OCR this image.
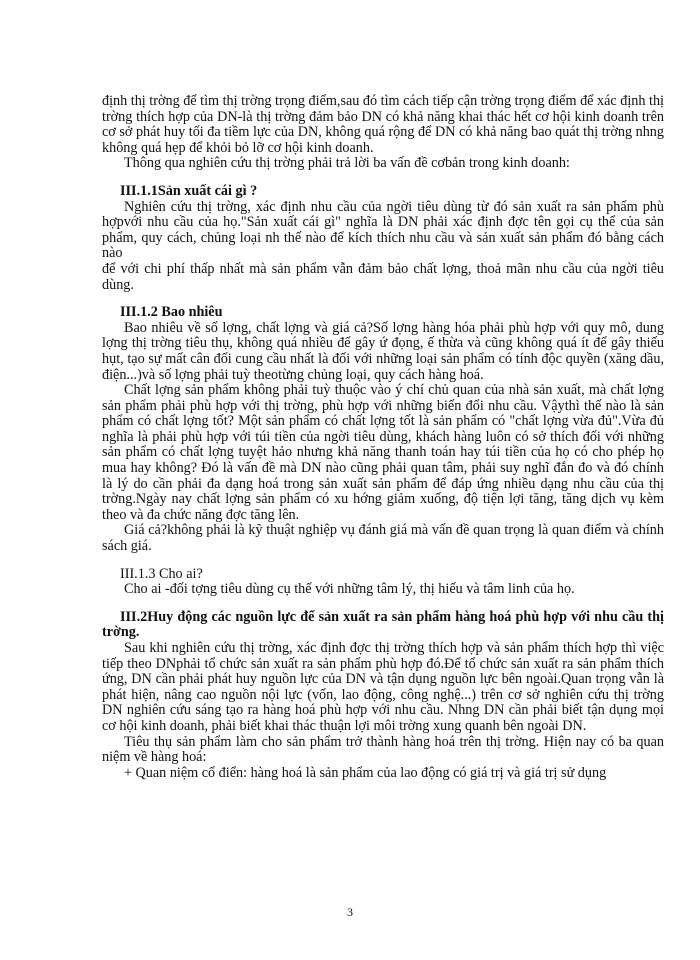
định thị trờng để tìm thị trờng trọng điểm,sau đó tìm cách tiếp cận trờng trọng điểm để xác định thị trờng thích hợp của DN-là thị trờng đảm bảo DN có khả năng khai thác hết cơ hội kinh doanh trên cơ sở phát huy tối đa tiềm lực của DN, không quá rộng để DN có khả năng bao quát thị trờng nhng không quá hẹp để khỏi bỏ lỡ cơ hội kinh doanh.

Thông qua nghiên cứu thị trờng phải trả lời ba vấn đề cơbản trong kinh doanh:

III.1.1Sản xuất cái gì ?

Nghiên cứu thị trờng, xác định nhu cầu của ngời tiêu dùng từ đó sản xuất ra sản phẩm phù hợpvới nhu cầu của họ."Sản xuất cái gì" nghĩa là DN phải xác định đợc tên gọi cụ thể của sản phẩm, quy cách, chủng loại nh thế nào để kích thích nhu cầu và sản xuất sản phẩm đó bằng cách nào

để với chi phí thấp nhất mà sản phẩm vẫn đảm bảo chất lợng, thoả mãn nhu cầu của ngời tiêu dùng.

III.1.2 Bao nhiêu

Bao nhiêu về số lợng, chất lợng và giá cả?Số lợng hàng hóa phải phù hợp với quy mô, dung lợng thị trờng tiêu thụ, không quá nhiều để gây ứ đọng, ế thừa và cũng không quá ít để gây thiếu hụt, tạo sự mất cân đối cung cầu nhất là đối với những loại sản phẩm có tính độc quyền (xăng dầu, điện...)và số lợng phải tuỳ theotừng chủng loại, quy cách hàng hoá.

Chất lợng sản phẩm không phải tuỳ thuộc vào ý chí chủ quan của nhà sản xuất, mà chất lợng sản phẩm phải phù hợp với thị trờng, phù hợp với những biến đổi nhu cầu. Vậythì thế nào là sản phẩm có chất lợng tốt? Một sản phẩm có chất lợng tốt là sản phẩm có "chất lợng vừa đủ".Vừa đủ nghĩa là phải phù hợp với túi tiền của ngời tiêu dùng, khách hàng luôn có sở thích đối với những sản phẩm có chất lợng tuyệt hảo nhưng khả năng thanh toán hay túi tiền của họ có cho phép họ mua hay không? Đó là vấn đề mà DN nào cũng phải quan tâm, phải suy nghĩ đắn đo và đó chính là lý do cần phải đa dạng hoá trong sản xuất sản phẩm để đáp ứng nhiều dạng nhu cầu của thị trờng.Ngày nay chất lợng sản phẩm có xu hớng giảm xuống, độ tiện lợi tăng, tăng dịch vụ kèm theo và đa chức năng đợc tăng lên.

Giá cả?không phải là kỹ thuật nghiệp vụ đánh giá mà vấn đề quan trọng là quan điểm và chính sách giá.

III.1.3 Cho ai?

Cho ai -đối tợng tiêu dùng cụ thể với những tâm lý, thị hiếu và tâm linh của họ.

III.2Huy động các nguồn lực để sản xuất ra sản phẩm hàng hoá phù hợp với nhu cầu thị trờng.

Sau khi nghiên cứu thị trờng, xác định đợc thị trờng thích hợp và sản phẩm thích hợp thì việc tiếp theo DNphải tổ chức sản xuất ra sản phẩm phù hợp đó.Để tổ chức sản xuất ra sản phẩm thích ứng, DN cần phải phát huy nguồn lực của DN và tận dụng nguồn lực bên ngoài.Quan trọng vẫn là phát hiện, nâng cao nguồn nội lực (vốn, lao động, công nghệ...) trên cơ sở nghiên cứu thị trờng DN nghiên cứu sáng tạo ra hàng hoá phù hợp với nhu cầu. Nhng DN cần phải biết tận dụng mọi cơ hội kinh doanh, phải biết khai thác thuận lợi môi trờng xung quanh bên ngoài DN.

Tiêu thụ sản phẩm làm cho sản phẩm trở thành hàng hoá trên thị trờng. Hiện nay có ba quan niệm về hàng hoá:

+ Quan niệm cổ điển: hàng hoá là sản phẩm của lao động có giá trị và giá trị sử dụng

3
